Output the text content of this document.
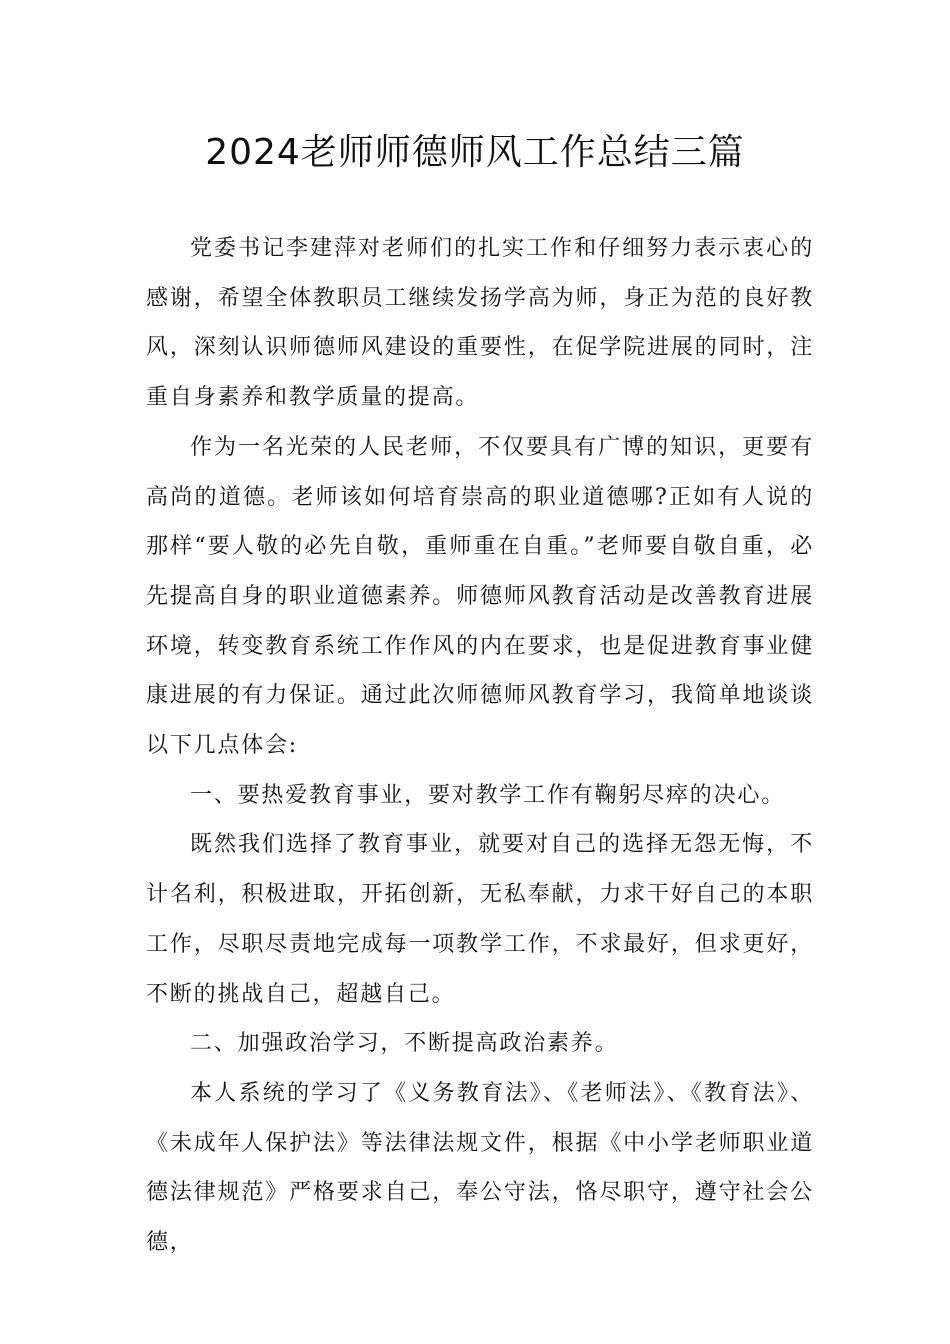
2024老师师德师风工作总结三篇

党委书记李建萍对老师们的扎实工作和仔细努力表示衷心的感谢，希望全体教职员工继续发扬学高为师，身正为范的良好教风，深刻认识师德师风建设的重要性，在促学院进展的同时，注重自身素养和教学质量的提高。

作为一名光荣的人民老师，不仅要具有广博的知识，更要有高尚的道德。老师该如何培育崇高的职业道德哪?正如有人说的那样“要人敬的必先自敬，重师重在自重。”老师要自敬自重，必先提高自身的职业道德素养。师德师风教育活动是改善教育进展环境，转变教育系统工作作风的内在要求，也是促进教育事业健康进展的有力保证。通过此次师德师风教育学习，我简单地谈谈以下几点体会:

一、要热爱教育事业，要对教学工作有鞠躬尽瘁的决心。

既然我们选择了教育事业，就要对自己的选择无怨无悔，不计名利，积极进取，开拓创新，无私奉献，力求干好自己的本职工作，尽职尽责地完成每一项教学工作，不求最好，但求更好，不断的挑战自己，超越自己。

二、加强政治学习，不断提高政治素养。

本人系统的学习了《义务教育法》、《老师法》、《教育法》、《未成年人保护法》等法律法规文件，根据《中小学老师职业道德法律规范》严格要求自己，奉公守法，恪尽职守，遵守社会公德，
